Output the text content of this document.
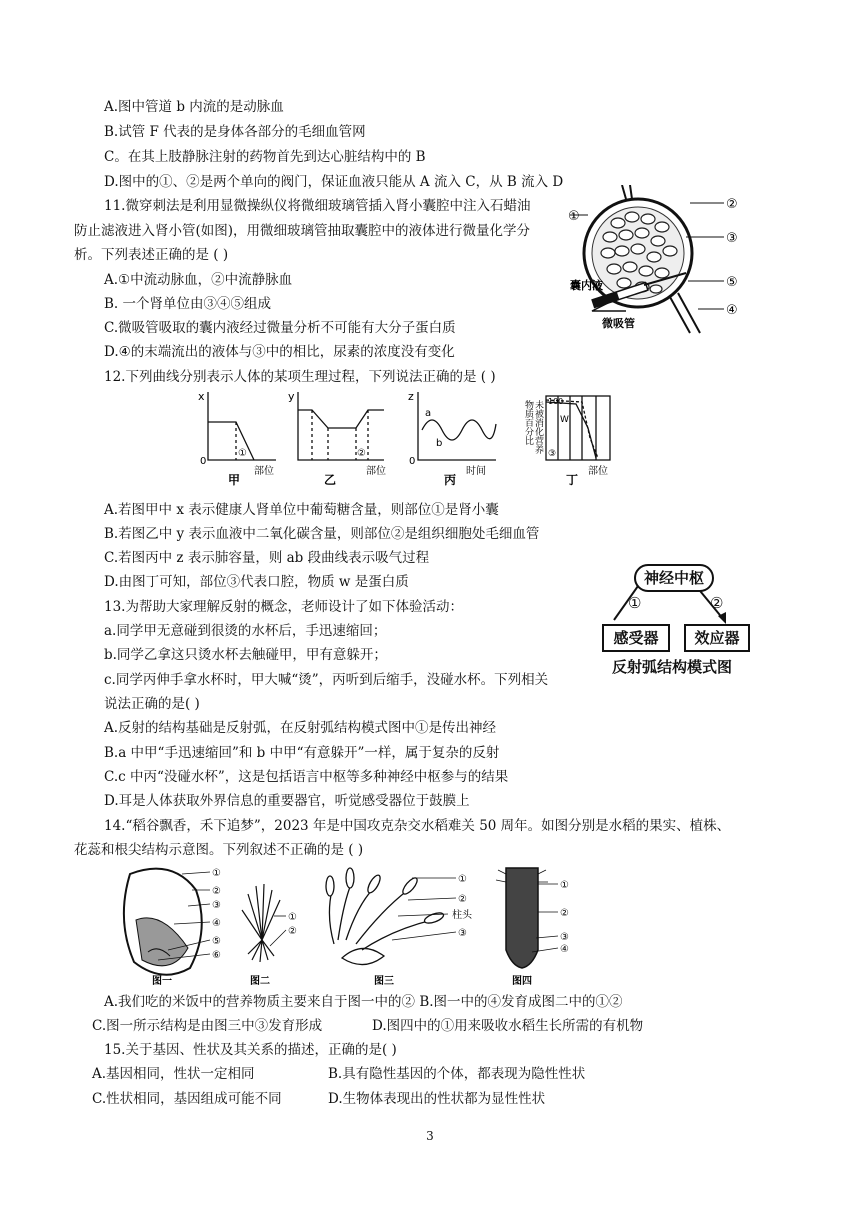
A.图中管道 b 内流的是动脉血
B.试管 F 代表的是身体各部分的毛细血管网
C。在其上肢静脉注射的药物首先到达心脏结构中的 B
D.图中的①、②是两个单向的阀门，保证血液只能从 A 流入 C，从 B 流入 D
11.微穿刺法是利用显微操纵仪将微细玻璃管插入肾小囊腔中注入石蜡油
防止滤液进入肾小管(如图)，用微细玻璃管抽取囊腔中的液体进行微量化学分
析。下列表述正确的是 ( )
A.①中流动脉血，②中流静脉血
B. 一个肾单位由③④⑤组成
C.微吸管吸取的囊内液经过微量分析不可能有大分子蛋白质
D.④的末端流出的液体与③中的相比，尿素的浓度没有变化
①
②
③
⑤
④
囊内液
微吸管
12.下列曲线分别表示人体的某项生理过程，下列说法正确的是 ( )
x
0
①
部位
甲
y
②
部位
乙
z
a
b
0
时间
丙
物质百分比 未被消化营养 100
W
③
部位
丁
A.若图甲中 x 表示健康人肾单位中葡萄糖含量，则部位①是肾小囊
B.若图乙中 y 表示血液中二氧化碳含量，则部位②是组织细胞处毛细血管
C.若图丙中 z 表示肺容量，则 ab 段曲线表示吸气过程
D.由图丁可知，部位③代表口腔，物质 w 是蛋白质
13.为帮助大家理解反射的概念，老师设计了如下体验活动：
a.同学甲无意碰到很烫的水杯后，手迅速缩回；
b.同学乙拿这只烫水杯去触碰甲，甲有意躲开；
c.同学丙伸手拿水杯时，甲大喊“烫”，丙听到后缩手，没碰水杯。下列相关
说法正确的是( )
A.反射的结构基础是反射弧，在反射弧结构模式图中①是传出神经
B.a 中甲“手迅速缩回”和 b 中甲“有意躲开”一样，属于复杂的反射
C.c 中丙“没碰水杯”，这是包括语言中枢等多种神经中枢参与的结果
D.耳是人体获取外界信息的重要器官，听觉感受器位于鼓膜上
神经中枢
①	②
感受器	效应器
反射弧结构模式图
14.“稻谷飘香，禾下追梦”，2023 年是中国攻克杂交水稻难关 50 周年。如图分别是水稻的果实、植株、
花蕊和根尖结构示意图。下列叙述不正确的是 ( )
①
②
③
④
⑤
⑥
图一
①
②
图二
①
②
柱头
③
图三
①
②
③
④
图四
A.我们吃的米饭中的营养物质主要来自于图一中的② B.图一中的④发育成图二中的①②
C.图一所示结构是由图三中③发育形成	D.图四中的①用来吸收水稻生长所需的有机物
15.关于基因、性状及其关系的描述，正确的是( )
A.基因相同，性状一定相同	B.具有隐性基因的个体，都表现为隐性性状
C.性状相同，基因组成可能不同	D.生物体表现出的性状都为显性性状
3
